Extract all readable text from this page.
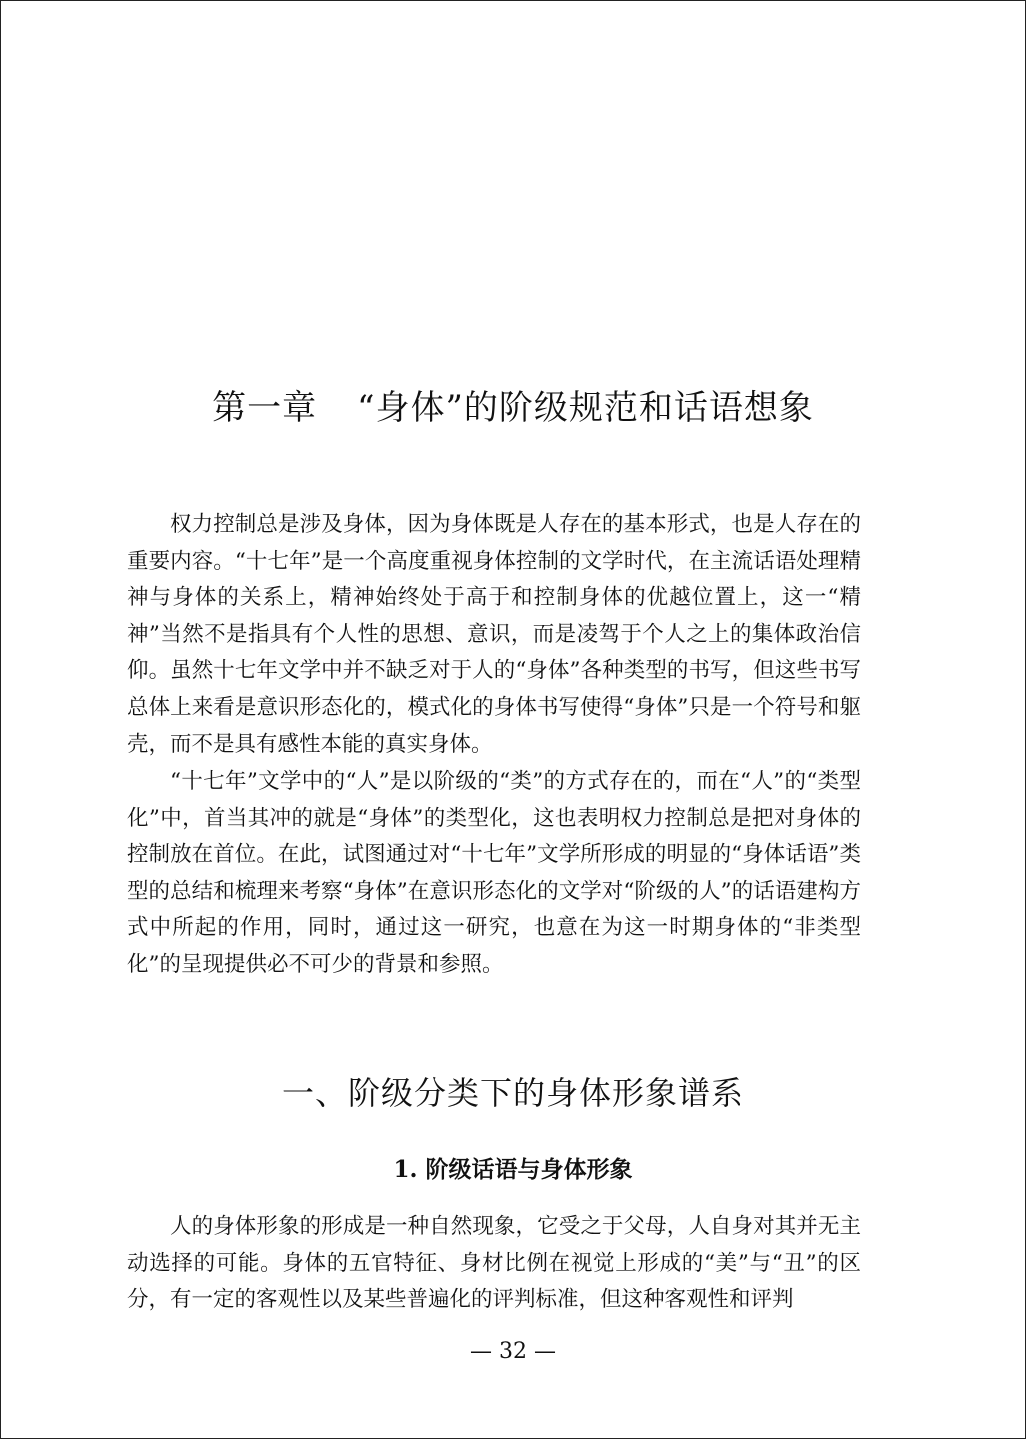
第一章 “身体”的阶级规范和话语想象

权力控制总是涉及身体，因为身体既是人存在的基本形式，也是人存在的重要内容。“十七年”是一个高度重视身体控制的文学时代，在主流话语处理精神与身体的关系上，精神始终处于高于和控制身体的优越位置上，这一“精神”当然不是指具有个人性的思想、意识，而是凌驾于个人之上的集体政治信仰。虽然十七年文学中并不缺乏对于人的“身体”各种类型的书写，但这些书写总体上来看是意识形态化的，模式化的身体书写使得“身体”只是一个符号和躯壳，而不是具有感性本能的真实身体。

“十七年”文学中的“人”是以阶级的“类”的方式存在的，而在“人”的“类型化”中，首当其冲的就是“身体”的类型化，这也表明权力控制总是把对身体的控制放在首位。在此，试图通过对“十七年”文学所形成的明显的“身体话语”类型的总结和梳理来考察“身体”在意识形态化的文学对“阶级的人”的话语建构方式中所起的作用，同时，通过这一研究，也意在为这一时期身体的“非类型化”的呈现提供必不可少的背景和参照。

一、阶级分类下的身体形象谱系
1. 阶级话语与身体形象

人的身体形象的形成是一种自然现象，它受之于父母，人自身对其并无主动选择的可能。身体的五官特征、身材比例在视觉上形成的“美”与“丑”的区分，有一定的客观性以及某些普遍化的评判标准，但这种客观性和评判

— 32 —
